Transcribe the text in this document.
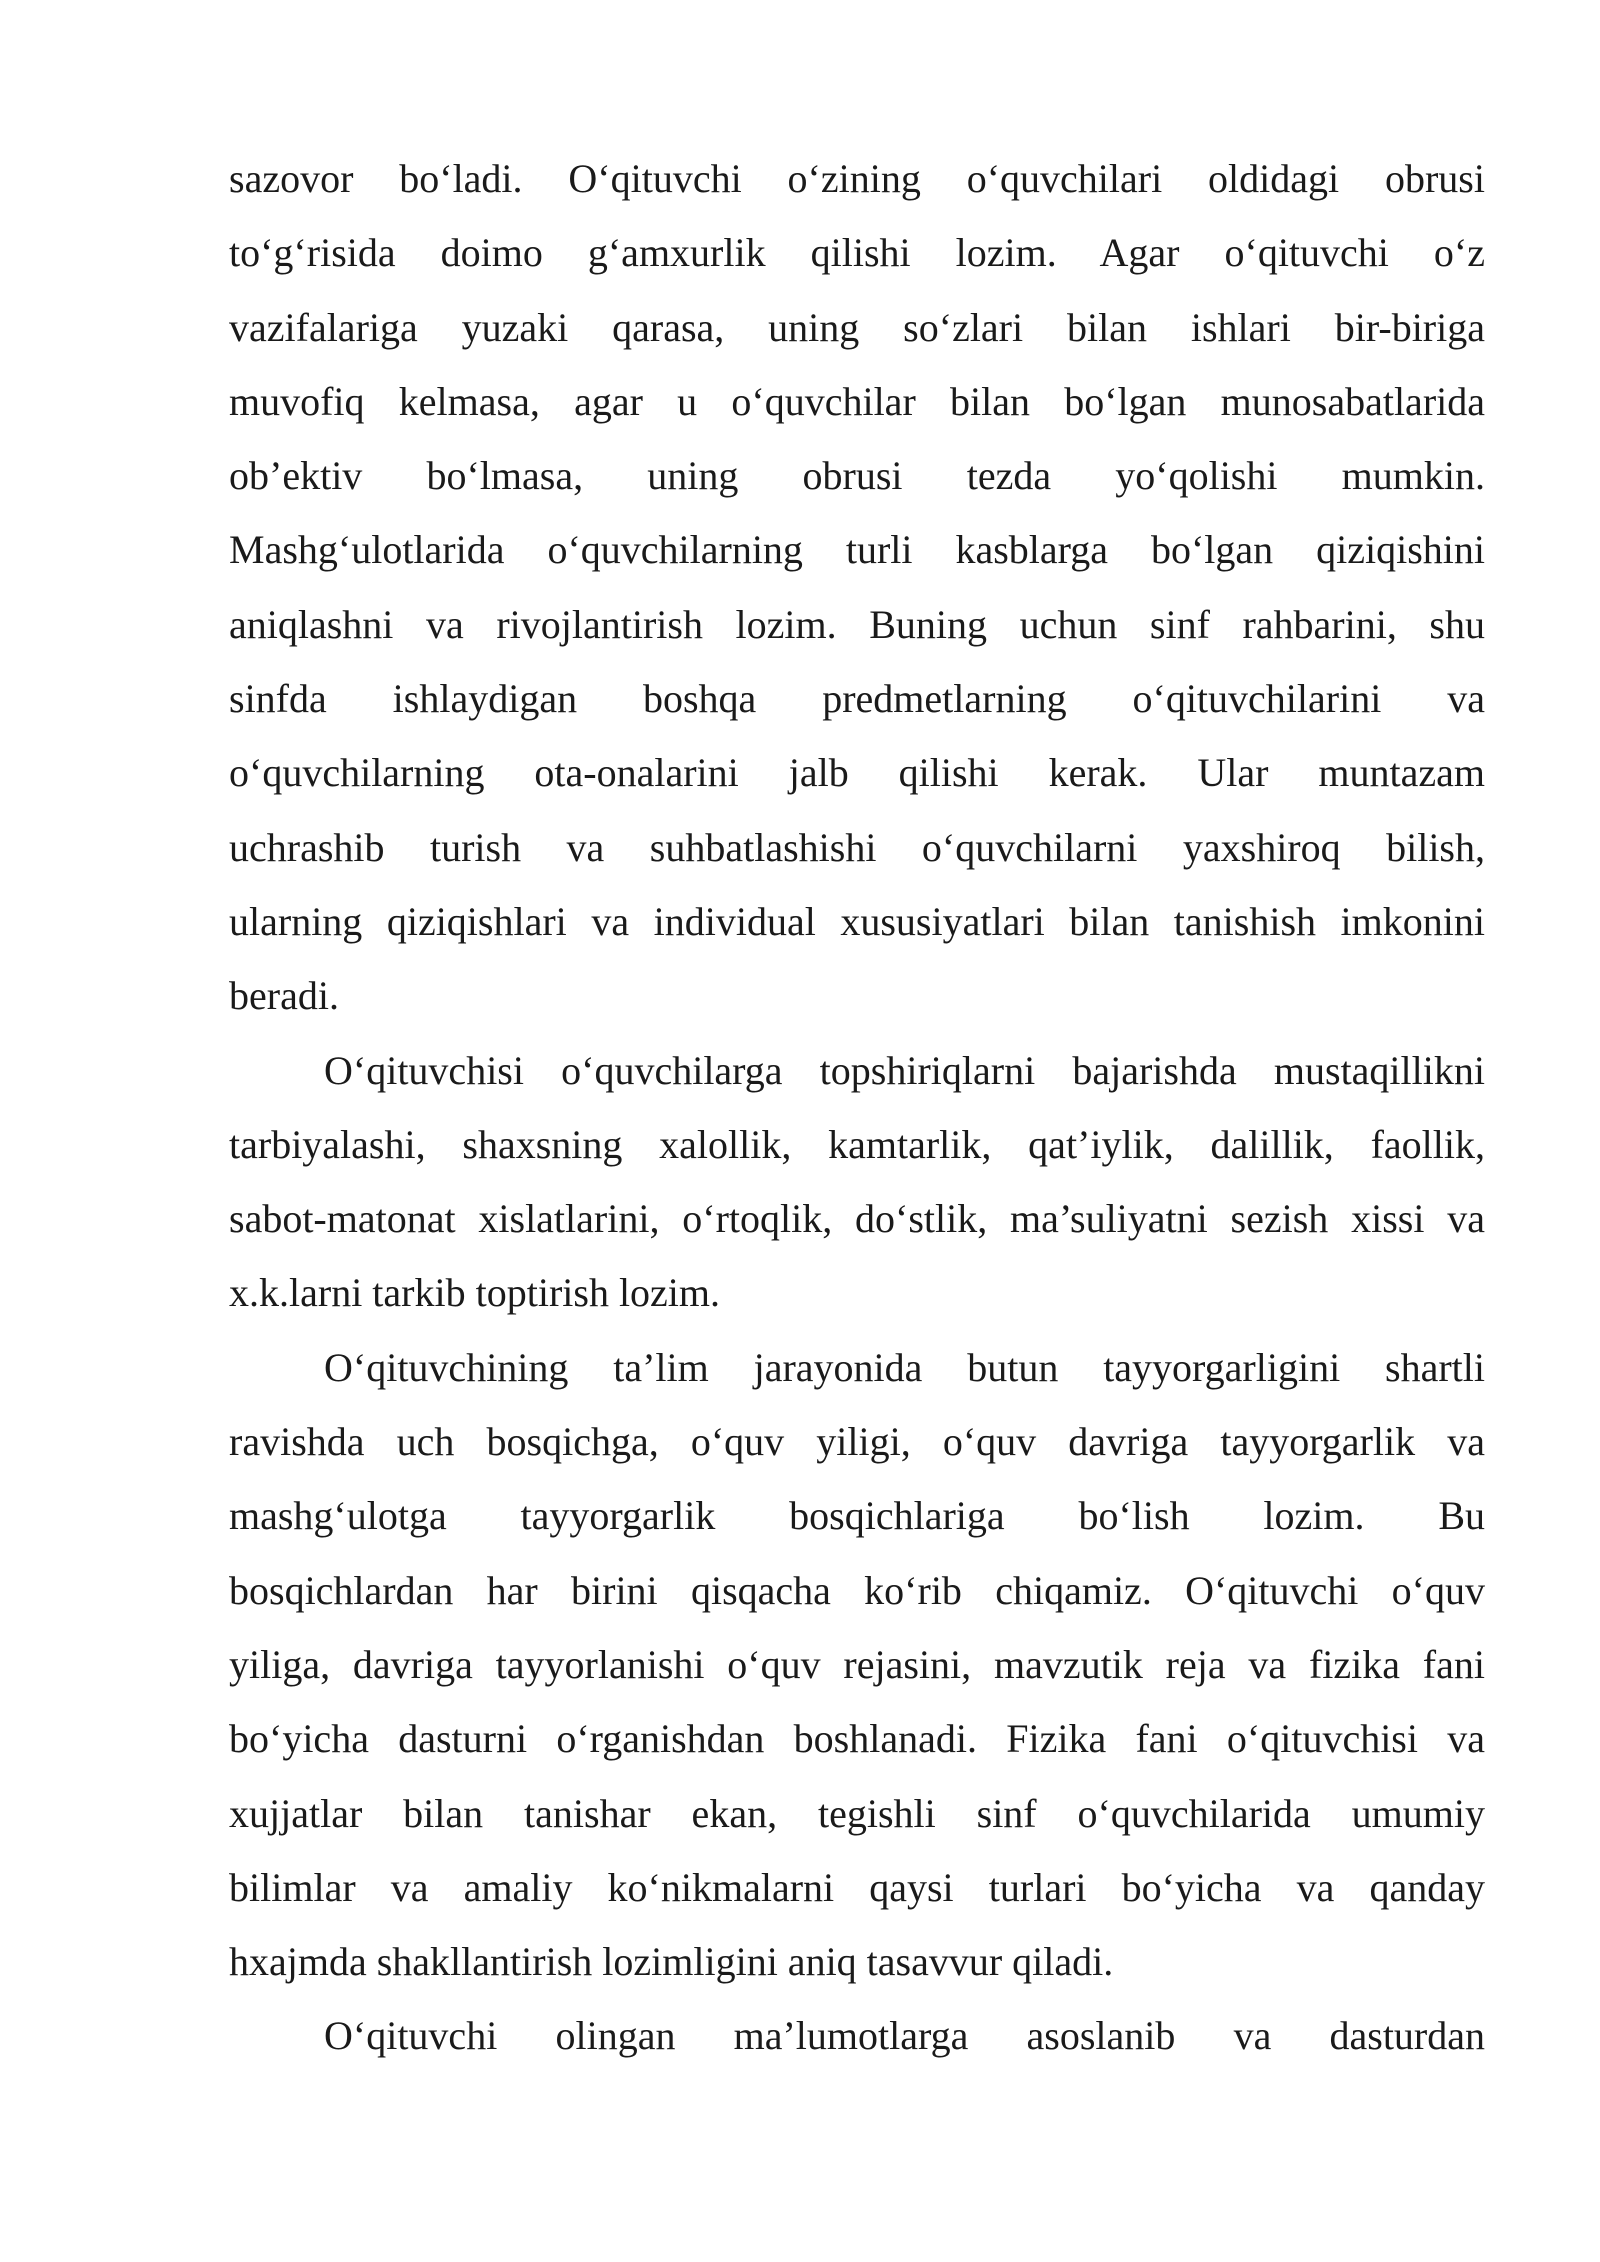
sazovor bo‘ladi. O‘qituvchi o‘zining o‘quvchilari oldidagi obrusi
to‘g‘risida doimo g‘amxurlik qilishi lozim. Agar o‘qituvchi o‘z
vazifalariga yuzaki qarasa, uning so‘zlari bilan ishlari bir-biriga
muvofiq kelmasa, agar u o‘quvchilar bilan bo‘lgan munosabatlarida
ob’ektiv bo‘lmasa, uning obrusi tezda yo‘qolishi mumkin.
Mashg‘ulotlarida o‘quvchilarning turli kasblarga bo‘lgan qiziqishini
aniqlashni va rivojlantirish lozim. Buning uchun sinf rahbarini, shu
sinfda ishlaydigan boshqa predmetlarning o‘qituvchilarini va
o‘quvchilarning ota-onalarini jalb qilishi kerak. Ular muntazam
uchrashib turish va suhbatlashishi o‘quvchilarni yaxshiroq bilish,
ularning qiziqishlari va individual xususiyatlari bilan tanishish imkonini
beradi.
O‘qituvchisi o‘quvchilarga topshiriqlarni bajarishda mustaqillikni
tarbiyalashi, shaxsning xalollik, kamtarlik, qat’iylik, dalillik, faollik,
sabot-matonat xislatlarini, o‘rtoqlik, do‘stlik, ma’suliyatni sezish xissi va
x.k.larni tarkib toptirish lozim.
O‘qituvchining ta’lim jarayonida butun tayyorgarligini shartli
ravishda uch bosqichga, o‘quv yiligi, o‘quv davriga tayyorgarlik va
mashg‘ulotga tayyorgarlik bosqichlariga bo‘lish lozim. Bu
bosqichlardan har birini qisqacha ko‘rib chiqamiz. O‘qituvchi o‘quv
yiliga, davriga tayyorlanishi o‘quv rejasini, mavzutik reja va fizika fani
bo‘yicha dasturni o‘rganishdan boshlanadi. Fizika fani o‘qituvchisi va
xujjatlar bilan tanishar ekan, tegishli sinf o‘quvchilarida umumiy
bilimlar va amaliy ko‘nikmalarni qaysi turlari bo‘yicha va qanday
hxajmda shakllantirish lozimligini aniq tasavvur qiladi.
O‘qituvchi olingan ma’lumotlarga asoslanib va dasturdan
